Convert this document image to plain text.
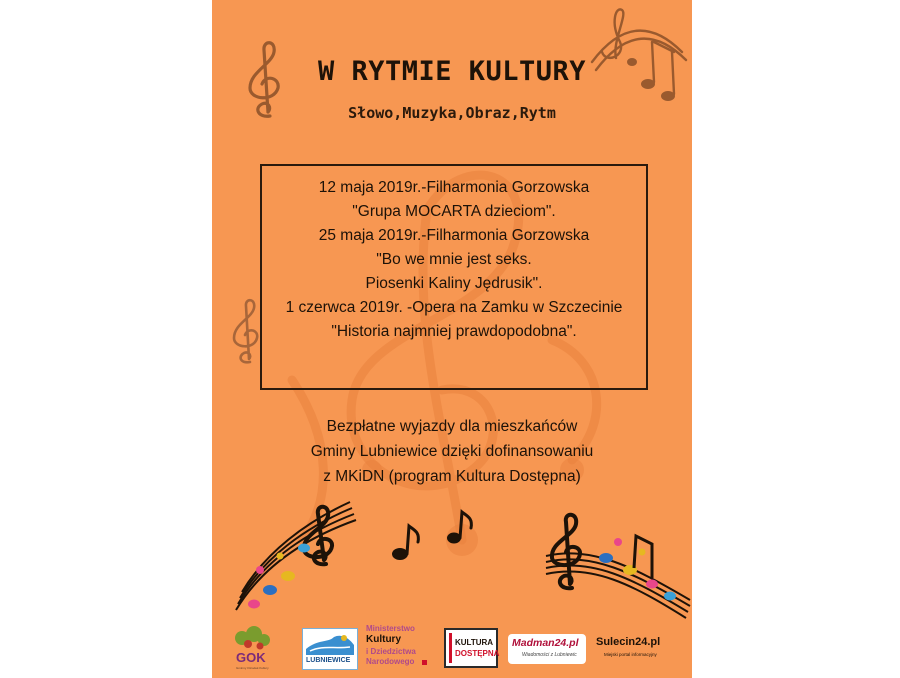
W RYTMIE KULTURY
Słowo,Muzyka,Obraz,Rytm
12 maja 2019r.-Filharmonia Gorzowska
"Grupa MOCARTA dzieciom".
25 maja 2019r.-Filharmonia Gorzowska
"Bo we mnie jest seks.
Piosenki Kaliny Jędrusik".
1 czerwca 2019r. -Opera na Zamku w Szczecinie
"Historia najmniej prawdopodobna".
Bezpłatne wyjazdy dla mieszkańców
Gminy Lubniewice dzięki dofinansowaniu
z MKiDN (program Kultura Dostępna)
GOK
Gminny Ośrodek Kultury
LUBNIEWICE
Ministerstwo
Kultury
i Dziedzictwa
Narodowego
KULTURA
DOSTĘPNA
Madman24.pl
Wiadomości z Lubniewic
Sulecin24.pl
Miejski portal informacyjny
